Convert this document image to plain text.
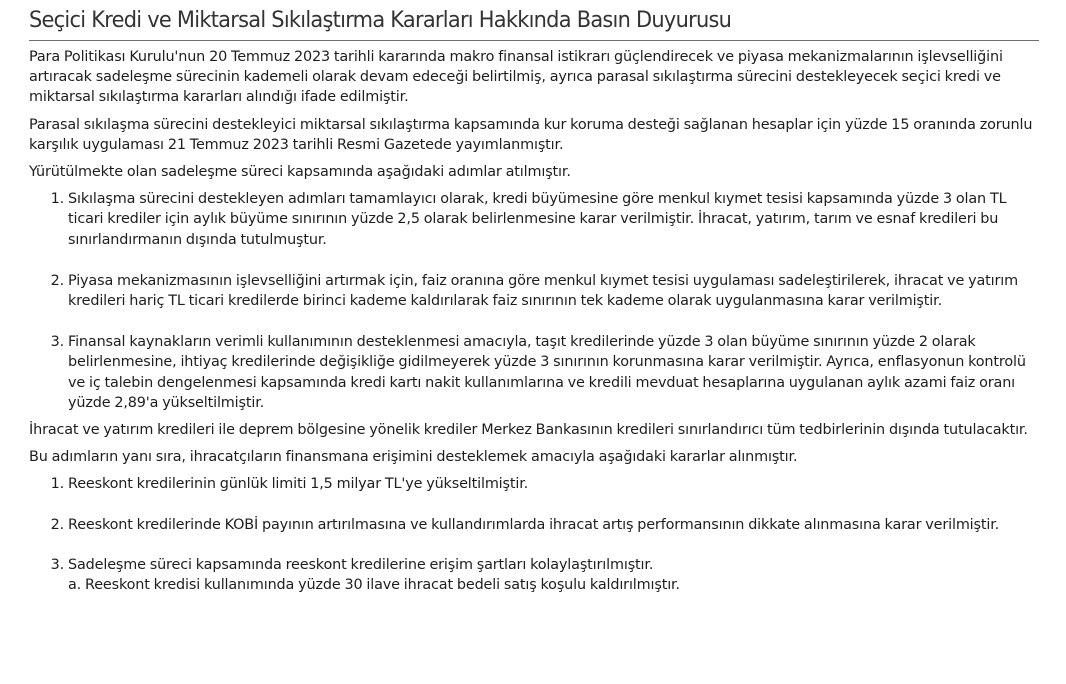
Seçici Kredi ve Miktarsal Sıkılaştırma Kararları Hakkında Basın Duyurusu

Para Politikası Kurulu'nun 20 Temmuz 2023 tarihli kararında makro finansal istikrarı güçlendirecek ve piyasa mekanizmalarının işlevselliğini artıracak sadeleşme sürecinin kademeli olarak devam edeceği belirtilmiş, ayrıca parasal sıkılaştırma sürecini destekleyecek seçici kredi ve miktarsal sıkılaştırma kararları alındığı ifade edilmiştir.

Parasal sıkılaşma sürecini destekleyici miktarsal sıkılaştırma kapsamında kur koruma desteği sağlanan hesaplar için yüzde 15 oranında zorunlu karşılık uygulaması 21 Temmuz 2023 tarihli Resmi Gazetede yayımlanmıştır.

Yürütülmekte olan sadeleşme süreci kapsamında aşağıdaki adımlar atılmıştır.

1. Sıkılaşma sürecini destekleyen adımları tamamlayıcı olarak, kredi büyümesine göre menkul kıymet tesisi kapsamında yüzde 3 olan TL ticari krediler için aylık büyüme sınırının yüzde 2,5 olarak belirlenmesine karar verilmiştir. İhracat, yatırım, tarım ve esnaf kredileri bu sınırlandırmanın dışında tutulmuştur.
2. Piyasa mekanizmasının işlevselliğini artırmak için, faiz oranına göre menkul kıymet tesisi uygulaması sadeleştirilerek, ihracat ve yatırım kredileri hariç TL ticari kredilerde birinci kademe kaldırılarak faiz sınırının tek kademe olarak uygulanmasına karar verilmiştir.
3. Finansal kaynakların verimli kullanımının desteklenmesi amacıyla, taşıt kredilerinde yüzde 3 olan büyüme sınırının yüzde 2 olarak belirlenmesine, ihtiyaç kredilerinde değişikliğe gidilmeyerek yüzde 3 sınırının korunmasına karar verilmiştir. Ayrıca, enflasyonun kontrolü ve iç talebin dengelenmesi kapsamında kredi kartı nakit kullanımlarına ve kredili mevduat hesaplarına uygulanan aylık azami faiz oranı yüzde 2,89'a yükseltilmiştir.

İhracat ve yatırım kredileri ile deprem bölgesine yönelik krediler Merkez Bankasının kredileri sınırlandırıcı tüm tedbirlerinin dışında tutulacaktır.

Bu adımların yanı sıra, ihracatçıların finansmana erişimini desteklemek amacıyla aşağıdaki kararlar alınmıştır.

1. Reeskont kredilerinin günlük limiti 1,5 milyar TL'ye yükseltilmiştir.
2. Reeskont kredilerinde KOBİ payının artırılmasına ve kullandırımlarda ihracat artış performansının dikkate alınmasına karar verilmiştir.
3. Sadeleşme süreci kapsamında reeskont kredilerine erişim şartları kolaylaştırılmıştır.
a. Reeskont kredisi kullanımında yüzde 30 ilave ihracat bedeli satış koşulu kaldırılmıştır.
